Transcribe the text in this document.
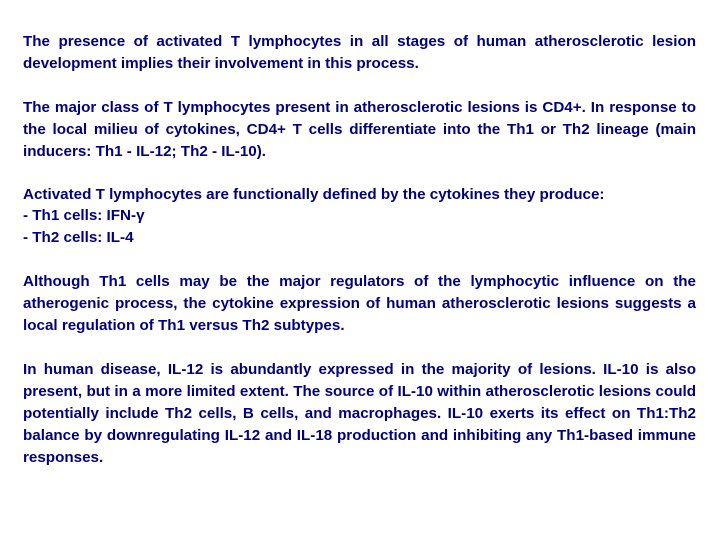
The presence of activated T lymphocytes in all stages of human atherosclerotic lesion development implies their involvement in this process.

The major class of T lymphocytes present in atherosclerotic lesions is CD4+. In response to the local milieu of cytokines, CD4+ T cells differentiate into the Th1 or Th2 lineage (main inducers: Th1 - IL-12; Th2 - IL-10).

Activated T lymphocytes are functionally defined by the cytokines they produce:
- Th1 cells: IFN-γ
- Th2 cells: IL-4

Although Th1 cells may be the major regulators of the lymphocytic influence on the atherogenic process, the cytokine expression of human atherosclerotic lesions suggests a local regulation of Th1 versus Th2 subtypes.

In human disease, IL-12 is abundantly expressed in the majority of lesions. IL-10 is also present, but in a more limited extent. The source of IL-10 within atherosclerotic lesions could potentially include Th2 cells, B cells, and macrophages. IL-10 exerts its effect on Th1:Th2 balance by downregulating IL-12 and IL-18 production and inhibiting any Th1-based immune responses.
